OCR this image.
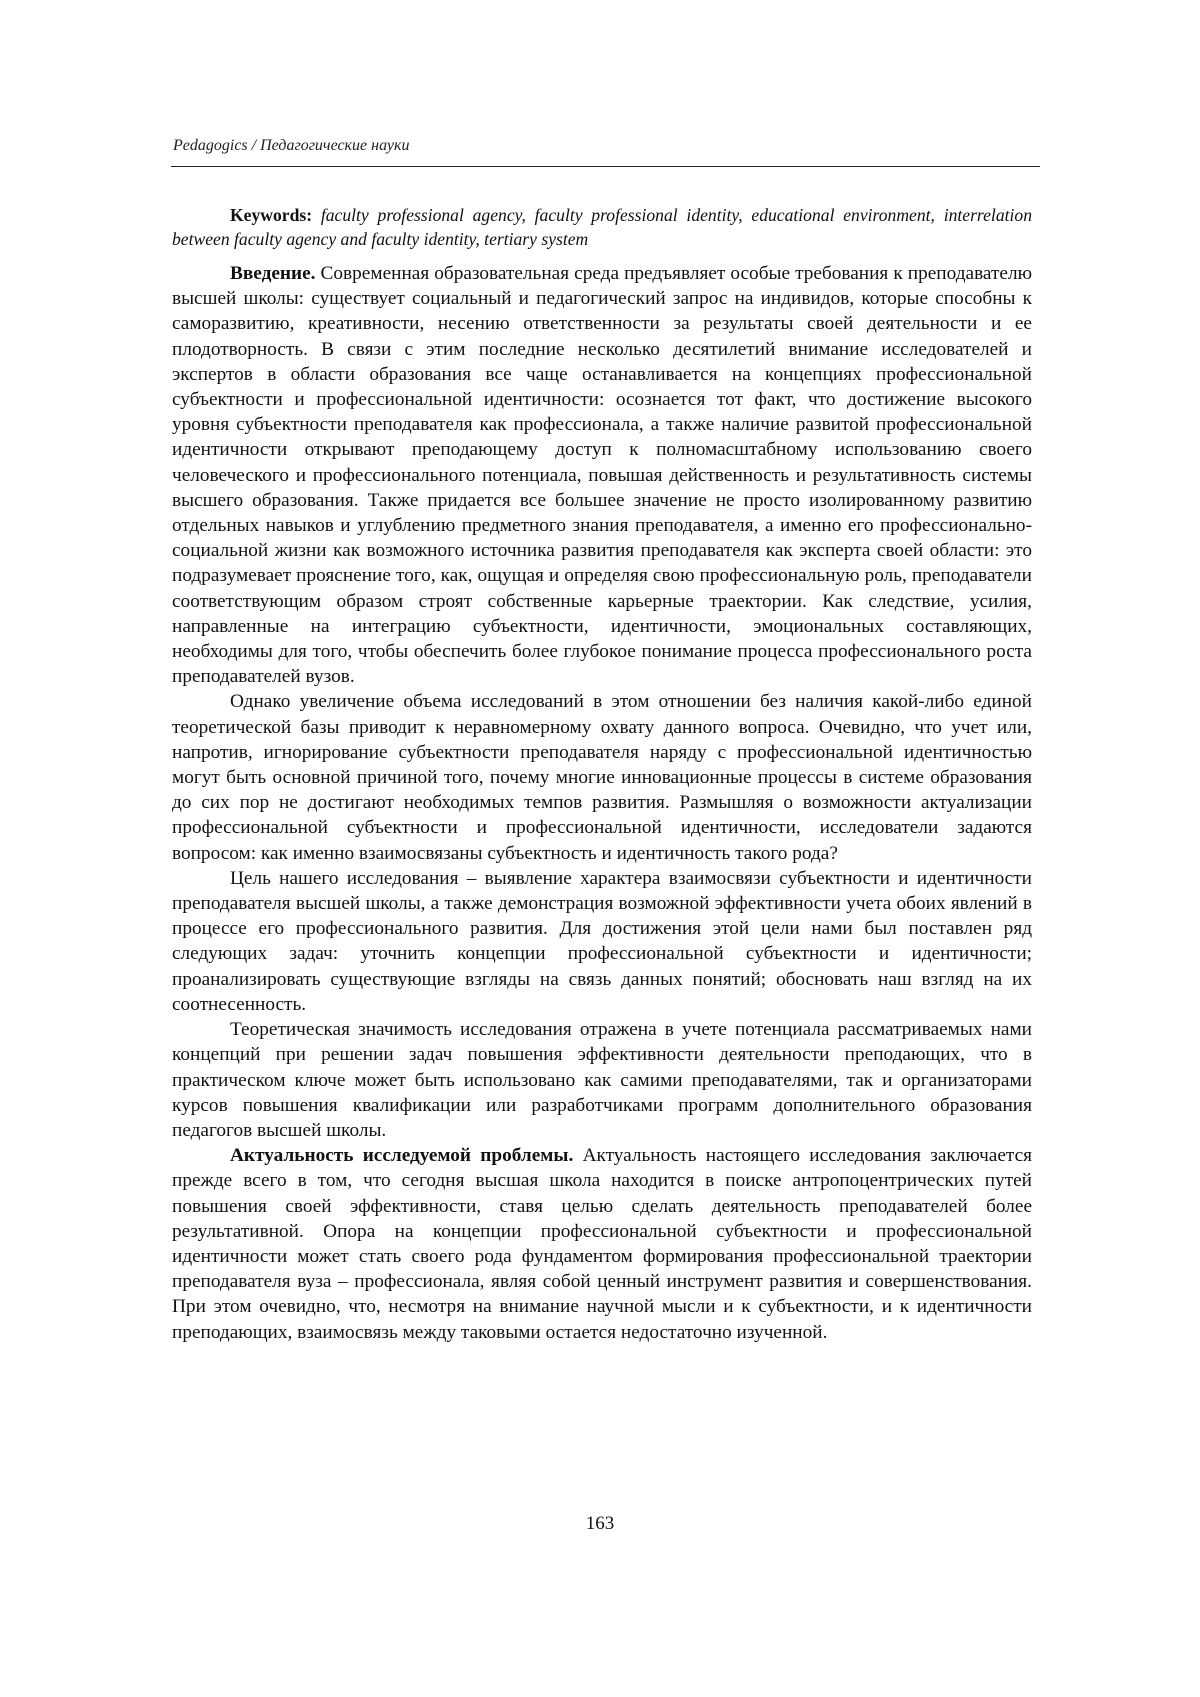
Pedagogics / Педагогические науки

Keywords: faculty professional agency, faculty professional identity, educational environment, interrelation between faculty agency and faculty identity, tertiary system

Введение. Современная образовательная среда предъявляет особые требования к преподавателю высшей школы: существует социальный и педагогический запрос на индивидов, которые способны к саморазвитию, креативности, несению ответственности за результаты своей деятельности и ее плодотворность. В связи с этим последние несколько десятилетий внимание исследователей и экспертов в области образования все чаще останавливается на концепциях профессиональной субъектности и профессиональной идентичности: осознается тот факт, что достижение высокого уровня субъектности преподавателя как профессионала, а также наличие развитой профессиональной идентичности открывают преподающему доступ к полномасштабному использованию своего человеческого и профессионального потенциала, повышая действенность и результативность системы высшего образования. Также придается все большее значение не просто изолированному развитию отдельных навыков и углублению предметного знания преподавателя, а именно его профессионально-социальной жизни как возможного источника развития преподавателя как эксперта своей области: это подразумевает прояснение того, как, ощущая и определяя свою профессиональную роль, преподаватели соответствующим образом строят собственные карьерные траектории. Как следствие, усилия, направленные на интеграцию субъектности, идентичности, эмоциональных составляющих, необходимы для того, чтобы обеспечить более глубокое понимание процесса профессионального роста преподавателей вузов.

Однако увеличение объема исследований в этом отношении без наличия какой-либо единой теоретической базы приводит к неравномерному охвату данного вопроса. Очевидно, что учет или, напротив, игнорирование субъектности преподавателя наряду с профессиональной идентичностью могут быть основной причиной того, почему многие инновационные процессы в системе образования до сих пор не достигают необходимых темпов развития. Размышляя о возможности актуализации профессиональной субъектности и профессиональной идентичности, исследователи задаются вопросом: как именно взаимосвязаны субъектность и идентичность такого рода?

Цель нашего исследования – выявление характера взаимосвязи субъектности и идентичности преподавателя высшей школы, а также демонстрация возможной эффективности учета обоих явлений в процессе его профессионального развития. Для достижения этой цели нами был поставлен ряд следующих задач: уточнить концепции профессиональной субъектности и идентичности; проанализировать существующие взгляды на связь данных понятий; обосновать наш взгляд на их соотнесенность.

Теоретическая значимость исследования отражена в учете потенциала рассматриваемых нами концепций при решении задач повышения эффективности деятельности преподающих, что в практическом ключе может быть использовано как самими преподавателями, так и организаторами курсов повышения квалификации или разработчиками программ дополнительного образования педагогов высшей школы.

Актуальность исследуемой проблемы. Актуальность настоящего исследования заключается прежде всего в том, что сегодня высшая школа находится в поиске антропоцентрических путей повышения своей эффективности, ставя целью сделать деятельность преподавателей более результативной. Опора на концепции профессиональной субъектности и профессиональной идентичности может стать своего рода фундаментом формирования профессиональной траектории преподавателя вуза – профессионала, являя собой ценный инструмент развития и совершенствования. При этом очевидно, что, несмотря на внимание научной мысли и к субъектности, и к идентичности преподающих, взаимосвязь между таковыми остается недостаточно изученной.

163
